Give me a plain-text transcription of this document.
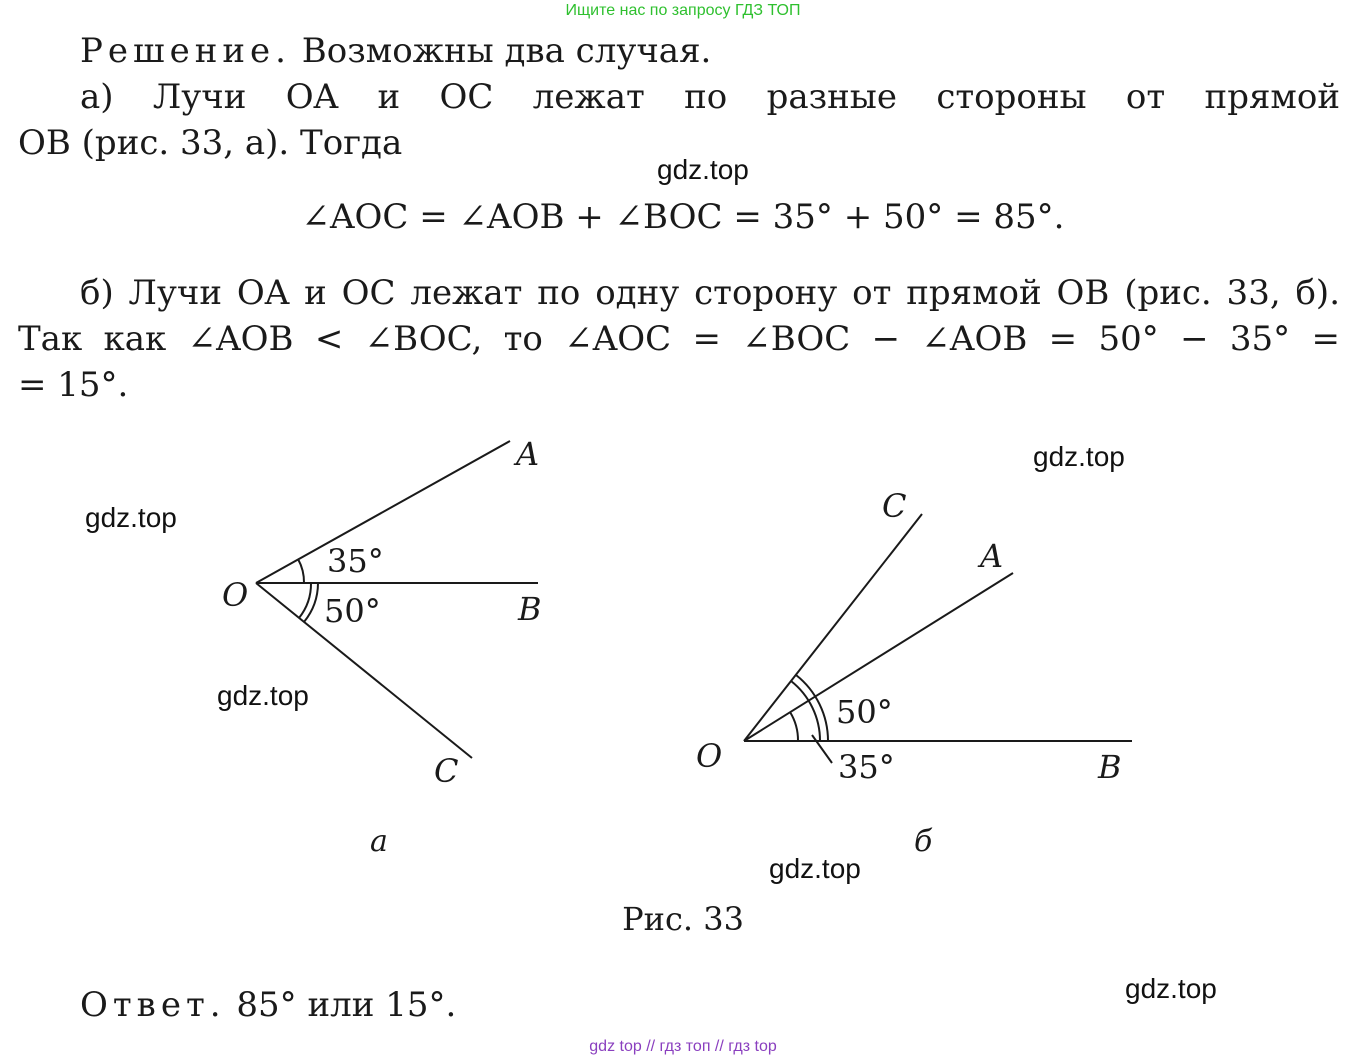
Ищите нас по запросу ГДЗ ТОП
gdz top // гдз топ // гдз top
gdz.top
gdz.top
gdz.top
gdz.top
gdz.top
gdz.top
Решение. Возможны два случая.
а) Лучи OA и OC лежат по разные стороны от прямой
OB (рис. 33, а). Тогда
∠AOC = ∠AOB + ∠BOC = 35° + 50° = 85°.
б) Лучи OA и OC лежат по одну сторону от прямой OB (рис. 33, б).
Так как ∠AOB < ∠BOC, то ∠AOC = ∠BOC − ∠AOB = 50° − 35° =
= 15°.
O
A
B
C
35°
50°
O
C
A
B
50°
35°
а	б
Рис. 33
Ответ. 85° или 15°.
